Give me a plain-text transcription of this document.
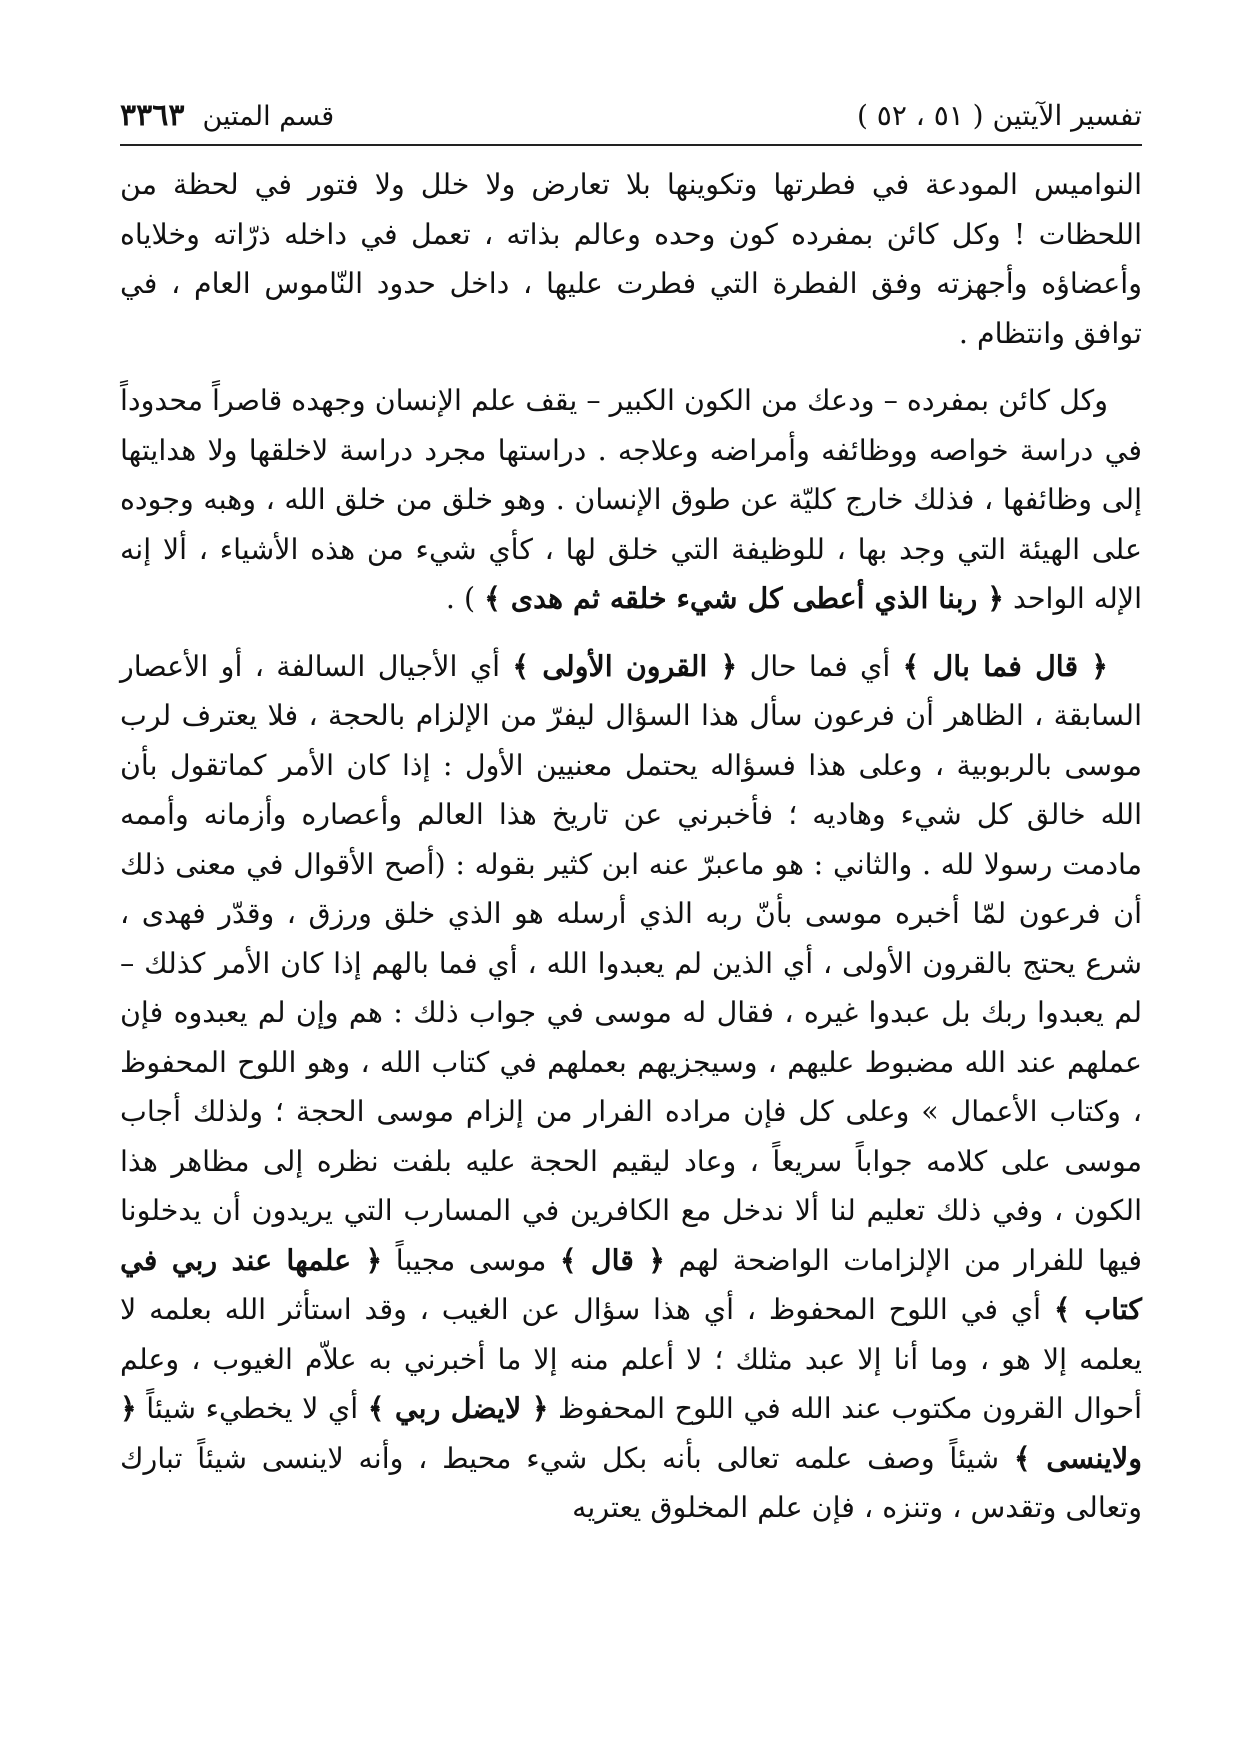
تفسير الآيتين ( ٥١ ، ٥٢ )
قسم المتين٣٣٦٣

النواميس المودعة في فطرتها وتكوينها بلا تعارض ولا خلل ولا فتور في لحظة من اللحظات ! وكل كائن بمفرده كون وحده وعالم بذاته ، تعمل في داخله ذرّاته وخلاياه وأعضاؤه وأجهزته وفق الفطرة التي فطرت عليها ، داخل حدود النّاموس العام ، في توافق وانتظام .

وكل كائن بمفرده – ودعك من الكون الكبير – يقف علم الإنسان وجهده قاصراً محدوداً في دراسة خواصه ووظائفه وأمراضه وعلاجه . دراستها مجرد دراسة لاخلقها ولا هدايتها إلى وظائفها ، فذلك خارج كليّة عن طوق الإنسان . وهو خلق من خلق الله ، وهبه وجوده على الهيئة التي وجد بها ، للوظيفة التي خلق لها ، كأي شيء من هذه الأشياء ، ألا إنه الإله الواحد ﴿ ربنا الذي أعطى كل شيء خلقه ثم هدى ﴾ ) .

﴿ قال فما بال ﴾ أي فما حال ﴿ القرون الأولى ﴾ أي الأجيال السالفة ، أو الأعصار السابقة ، الظاهر أن فرعون سأل هذا السؤال ليفرّ من الإلزام بالحجة ، فلا يعترف لرب موسى بالربوبية ، وعلى هذا فسؤاله يحتمل معنيين الأول : إذا كان الأمر كماتقول بأن الله خالق كل شيء وهاديه ؛ فأخبرني عن تاريخ هذا العالم وأعصاره وأزمانه وأممه مادمت رسولا لله . والثاني : هو ماعبرّ عنه ابن كثير بقوله : (أصح الأقوال في معنى ذلك أن فرعون لمّا أخبره موسى بأنّ ربه الذي أرسله هو الذي خلق ورزق ، وقدّر فهدى ، شرع يحتج بالقرون الأولى ، أي الذين لم يعبدوا الله ، أي فما بالهم إذا كان الأمر كذلك – لم يعبدوا ربك بل عبدوا غيره ، فقال له موسى في جواب ذلك : هم وإن لم يعبدوه فإن عملهم عند الله مضبوط عليهم ، وسيجزيهم بعملهم في كتاب الله ، وهو اللوح المحفوظ ، وكتاب الأعمال » وعلى كل فإن مراده الفرار من إلزام موسى الحجة ؛ ولذلك أجاب موسى على كلامه جواباً سريعاً ، وعاد ليقيم الحجة عليه بلفت نظره إلى مظاهر هذا الكون ، وفي ذلك تعليم لنا ألا ندخل مع الكافرين في المسارب التي يريدون أن يدخلونا فيها للفرار من الإلزامات الواضحة لهم ﴿ قال ﴾ موسى مجيباً ﴿ علمها عند ربي في كتاب ﴾ أي في اللوح المحفوظ ، أي هذا سؤال عن الغيب ، وقد استأثر الله بعلمه لا يعلمه إلا هو ، وما أنا إلا عبد مثلك ؛ لا أعلم منه إلا ما أخبرني به علاّم الغيوب ، وعلم أحوال القرون مكتوب عند الله في اللوح المحفوظ ﴿ لايضل ربي ﴾ أي لا يخطيء شيئاً ﴿ ولاينسى ﴾ شيئاً وصف علمه تعالى بأنه بكل شيء محيط ، وأنه لاينسى شيئاً تبارك وتعالى وتقدس ، وتنزه ، فإن علم المخلوق يعتريه
